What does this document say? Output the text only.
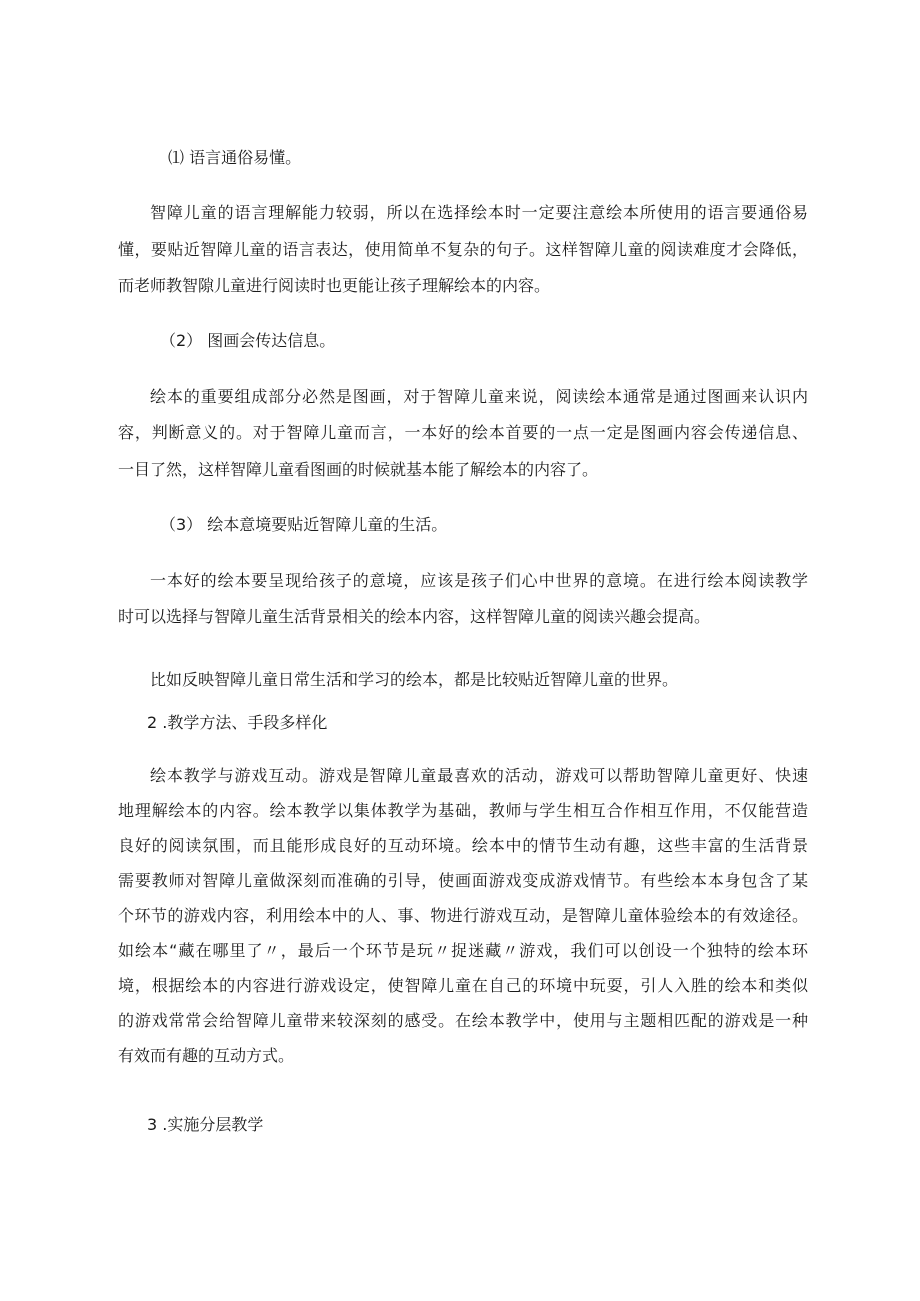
⑴ 语言通俗易懂。
智障儿童的语言理解能力较弱，所以在选择绘本时一定要注意绘本所使用的语言要通俗易
懂，要贴近智障儿童的语言表达，使用简单不复杂的句子。这样智障儿童的阅读难度才会降低，
而老师教智隙儿童进行阅读时也更能让孩子理解绘本的内容。
（2） 图画会传达信息。
绘本的重要组成部分必然是图画，对于智障儿童来说，阅读绘本通常是通过图画来认识内
容，判断意义的。对于智障儿童而言，一本好的绘本首要的一点一定是图画内容会传递信息、
一目了然，这样智障儿童看图画的时候就基本能了解绘本的内容了。
（3） 绘本意境要贴近智障儿童的生活。
一本好的绘本要呈现给孩子的意境，应该是孩子们心中世界的意境。在进行绘本阅读教学
时可以选择与智障儿童生活背景相关的绘本内容，这样智障儿童的阅读兴趣会提高。
比如反映智障儿童日常生活和学习的绘本，都是比较贴近智障儿童的世界。
2 .教学方法、手段多样化
绘本教学与游戏互动。游戏是智障儿童最喜欢的活动，游戏可以帮助智障儿童更好、快速
地理解绘本的内容。绘本教学以集体教学为基础，教师与学生相互合作相互作用，不仅能营造
良好的阅读氛围，而且能形成良好的互动环境。绘本中的情节生动有趣，这些丰富的生活背景
需要教师对智障儿童做深刻而准确的引导，使画面游戏变成游戏情节。有些绘本本身包含了某
个环节的游戏内容，利用绘本中的人、事、物进行游戏互动，是智障儿童体验绘本的有效途径。
如绘本“藏在哪里了〃，最后一个环节是玩〃捉迷藏〃游戏，我们可以创设一个独特的绘本环
境，根据绘本的内容进行游戏设定，使智障儿童在自己的环境中玩耍，引人入胜的绘本和类似
的游戏常常会给智障儿童带来较深刻的感受。在绘本教学中，使用与主题相匹配的游戏是一种
有效而有趣的互动方式。
3 .实施分层教学
